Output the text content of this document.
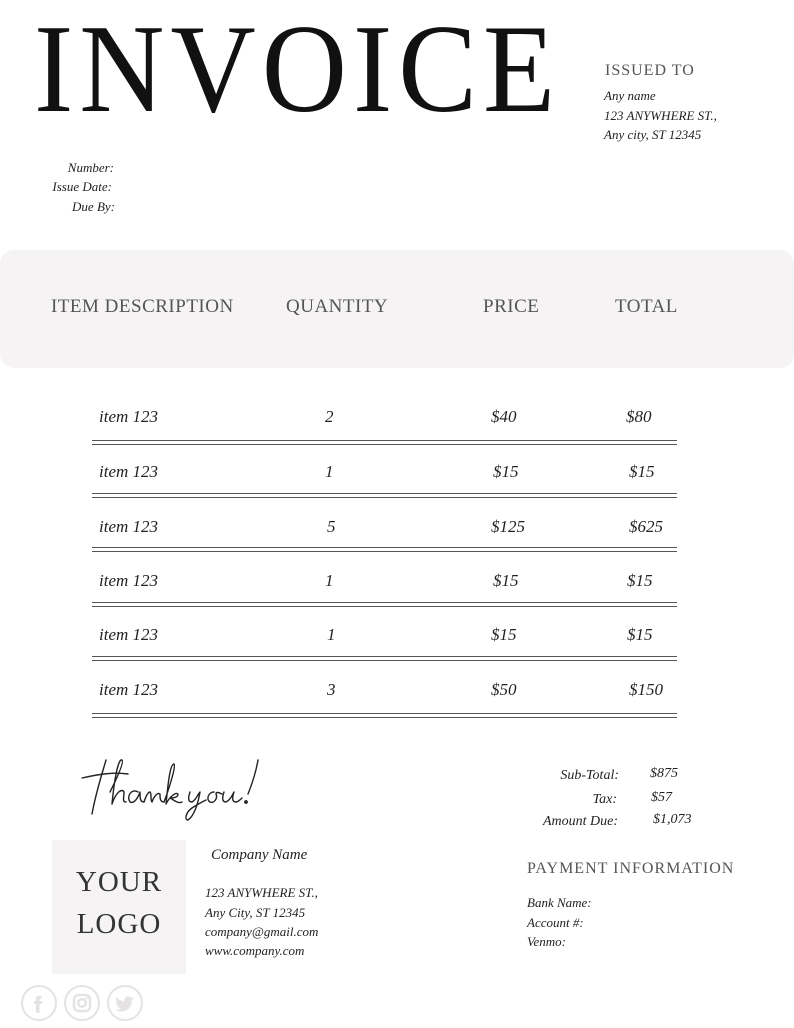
INVOICE	ISSUED TO
Any name
123 ANYWHERE ST.,
Any city, ST 12345
Number:
Issue Date:
Due By:
ITEM DESCRIPTION	QUANTITY	PRICE	TOTAL
item 123	2	$40	$80
item 123	1	$15	$15
item 123	5	$125	$625
item 123	1	$15	$15
item 123	1	$15	$15
item 123	3	$50	$150
Sub-Total: $875
Tax: $57
Amount Due:	$1,073
YOUR
LOGO
Company Name
123 ANYWHERE ST.,
Any City, ST 12345
company@gmail.com
www.company.com
PAYMENT INFORMATION
Bank Name:
Account #:
Venmo:
